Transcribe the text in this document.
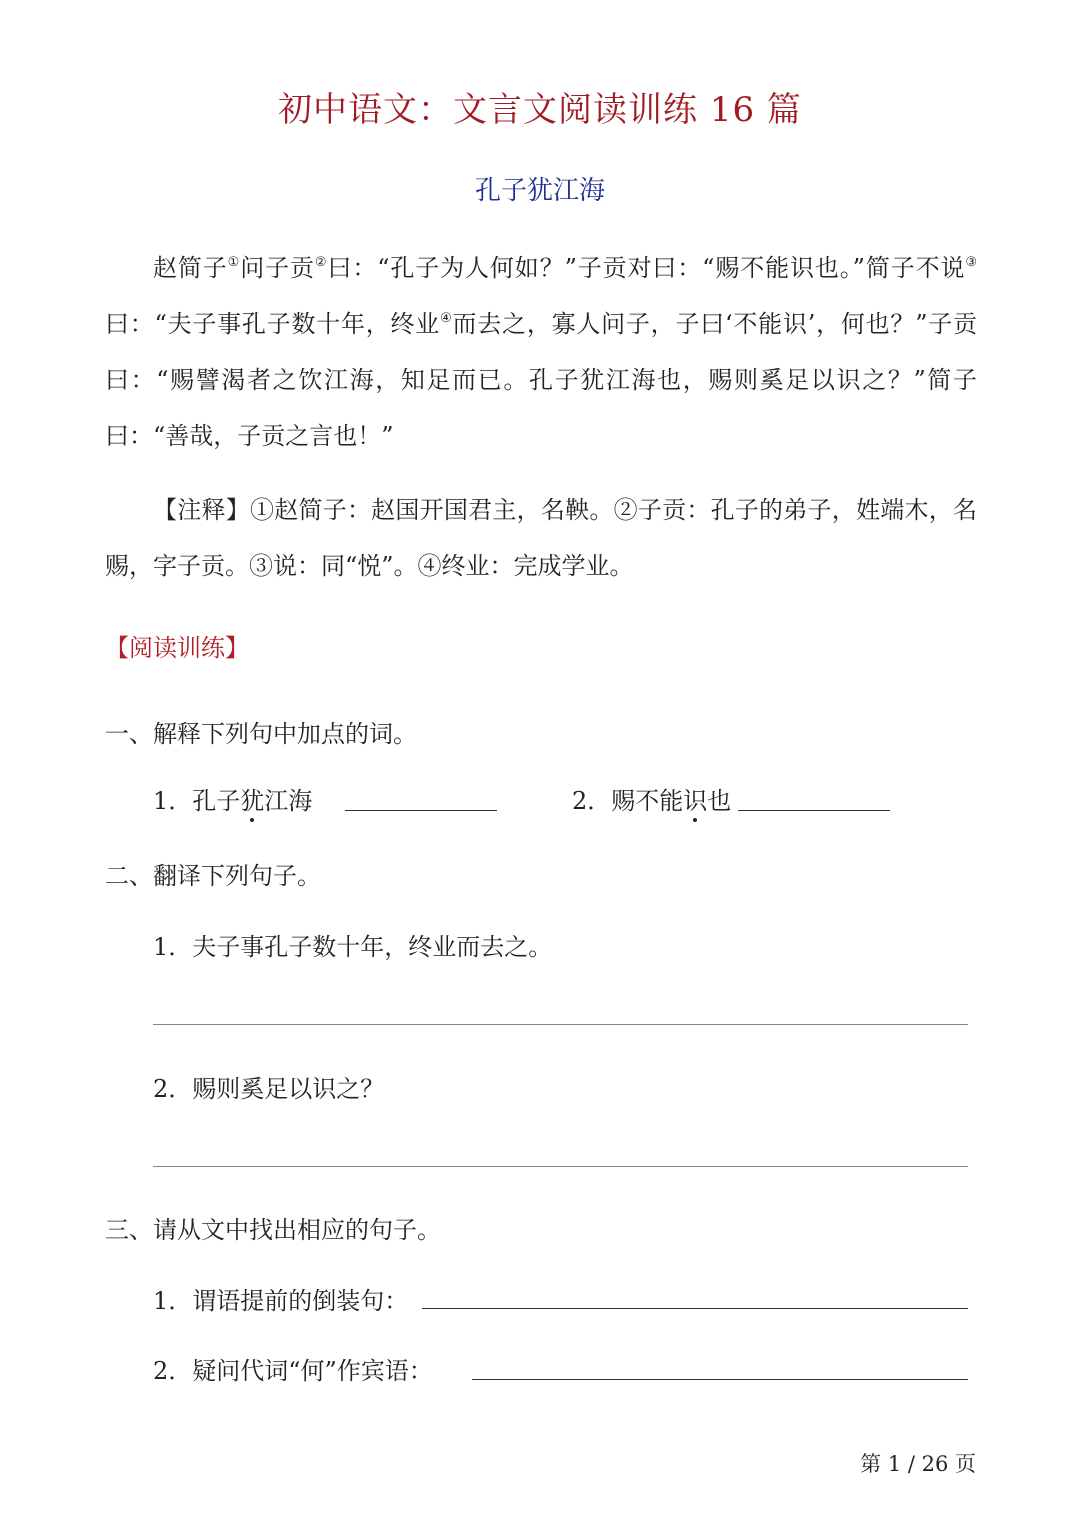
初中语文：文言文阅读训练 16 篇
孔子犹江海

赵简子①问子贡②曰：“孔子为人何如？”子贡对曰：“赐不能识也。”简子不说③曰：“夫子事孔子数十年，终业④而去之，寡人问子，子曰‘不能识’，何也？”子贡曰：“赐譬渴者之饮江海，知足而已。孔子犹江海也，赐则奚足以识之？”简子曰：“善哉，子贡之言也！”

【注释】①赵简子：赵国开国君主，名鞅。②子贡：孔子的弟子，姓端木，名赐，字子贡。③说：同“悦”。④终业：完成学业。

【阅读训练】
一、解释下列句中加点的词。
1．孔子犹江海	2．赐不能识也
二、翻译下列句子。
1．夫子事孔子数十年，终业而去之。
2．赐则奚足以识之？
三、请从文中找出相应的句子。
1．谓语提前的倒装句：
2．疑问代词“何”作宾语：
第 1 / 26 页
